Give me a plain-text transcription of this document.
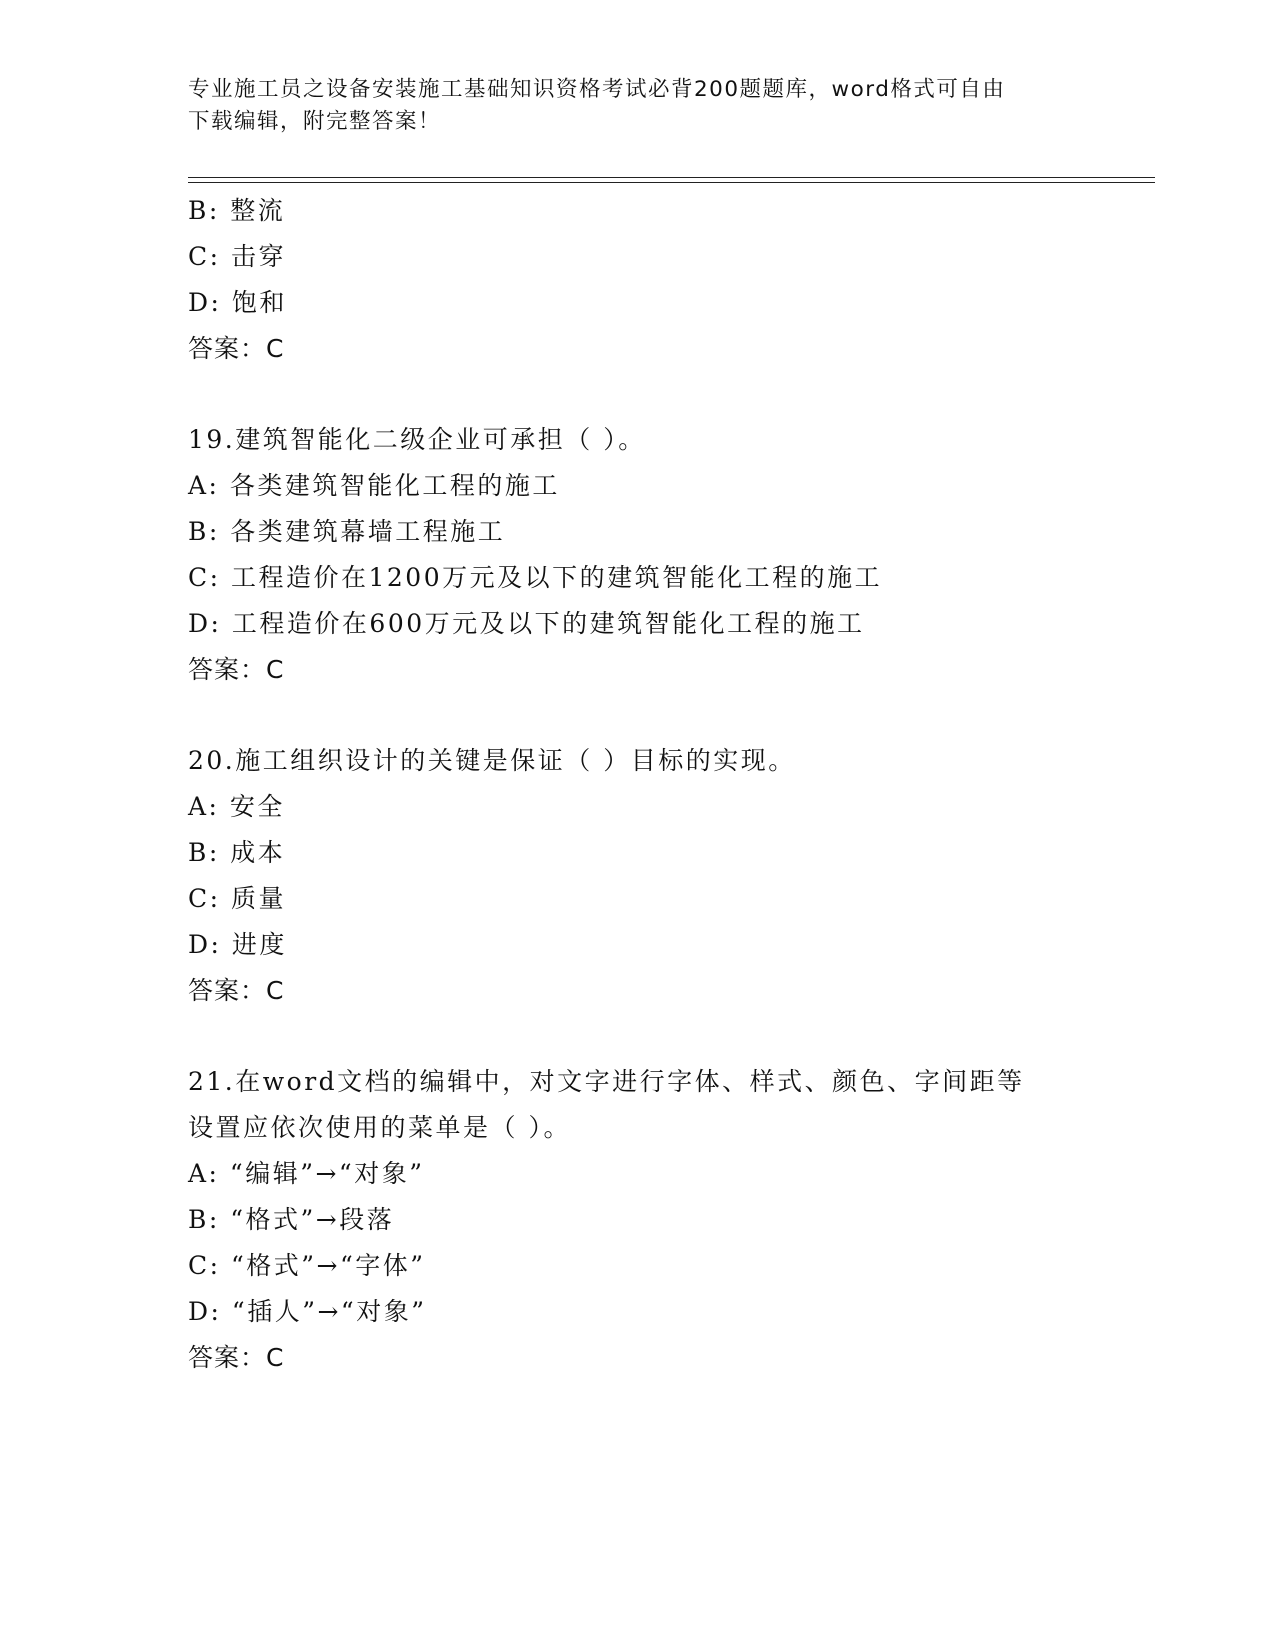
专业施工员之设备安装施工基础知识资格考试必背200题题库，word格式可自由
下载编辑，附完整答案！
B: 整流
C: 击穿
D: 饱和
答案：C
19.建筑智能化二级企业可承担（ ）。
A: 各类建筑智能化工程的施工
B: 各类建筑幕墙工程施工
C: 工程造价在1200万元及以下的建筑智能化工程的施工
D: 工程造价在600万元及以下的建筑智能化工程的施工
答案：C
20.施工组织设计的关键是保证（ ）目标的实现。
A: 安全
B: 成本
C: 质量
D: 进度
答案：C
21.在word文档的编辑中，对文字进行字体、样式、颜色、字间距等
设置应依次使用的菜单是（ ）。
A: “编辑”→“对象”
B: “格式”→段落
C: “格式”→“字体”
D: “插人”→“对象”
答案：C
